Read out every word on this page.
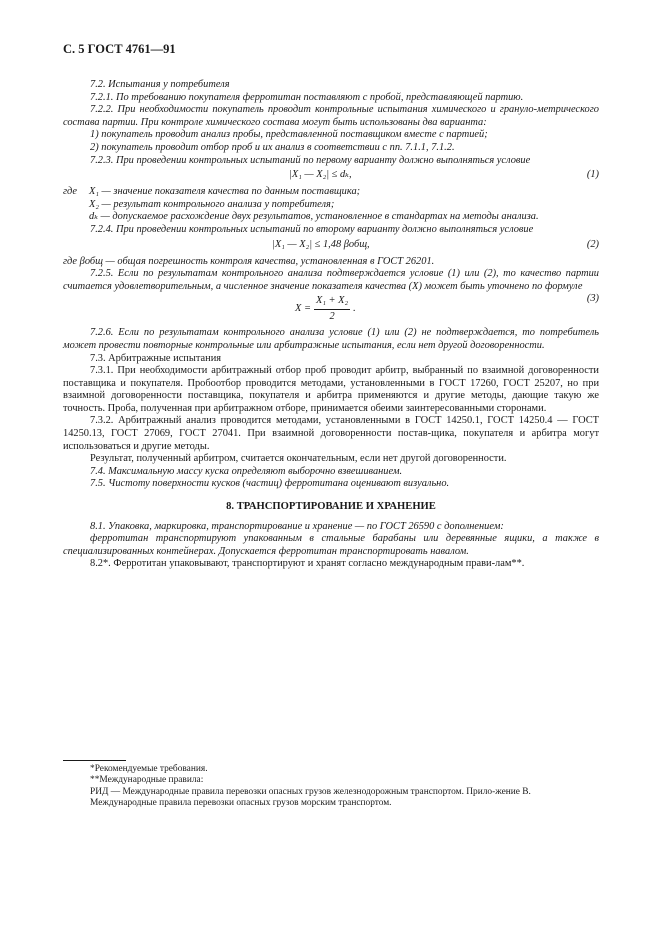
С. 5 ГОСТ 4761—91

7.2. Испытания у потребителя

7.2.1. По требованию покупателя ферротитан поставляют с пробой, представляющей партию.

7.2.2. При необходимости покупатель проводит контрольные испытания химического и грануло-метрического состава партии. При контроле химического состава могут быть использованы два варианта:

1) покупатель проводит анализ пробы, представленной поставщиком вместе с партией;

2) покупатель проводит отбор проб и их анализ в соответствии с пп. 7.1.1, 7.1.2.

7.2.3. При проведении контрольных испытаний по первому варианту должно выполняться условие

|X₁ — X₂| ≤ dₖ,	(1)
где X₁ — значение показателя качества по данным поставщика;
X₂ — результат контрольного анализа у потребителя;
dₖ — допускаемое расхождение двух результатов, установленное в стандартах на методы анализа.

7.2.4. При проведении контрольных испытаний по второму варианту должно выполняться условие

|X₁ — X₂| ≤ 1,48 βобщ,	(2)

где βобщ — общая погрешность контроля качества, установленная в ГОСТ 26201.

7.2.5. Если по результатам контрольного анализа подтверждается условие (1) или (2), то качество партии считается удовлетворительным, а численное значение показателя качества (X) может быть уточнено по формуле

$X = \frac{\text{X₁ + X₂}}{2}$ .
(3)

7.2.6. Если по результатам контрольного анализа условие (1) или (2) не подтверждается, то потребитель может провести повторные контрольные или арбитражные испытания, если нет другой договоренности.

7.3. Арбитражные испытания

7.3.1. При необходимости арбитражный отбор проб проводит арбитр, выбранный по взаимной договоренности поставщика и покупателя. Пробоотбор проводится методами, установленными в ГОСТ 17260, ГОСТ 25207, но при взаимной договоренности поставщика, покупателя и арбитра применяются и другие методы, дающие такую же точность. Проба, полученная при арбитражном отборе, принимается обеими заинтересованными сторонами.

7.3.2. Арбитражный анализ проводится методами, установленными в ГОСТ 14250.1, ГОСТ 14250.4 — ГОСТ 14250.13, ГОСТ 27069, ГОСТ 27041. При взаимной договоренности постав-щика, покупателя и арбитра могут использоваться и другие методы.

Результат, полученный арбитром, считается окончательным, если нет другой договоренности.

7.4. Максимальную массу куска определяют выборочно взвешиванием.

7.5. Чистоту поверхности кусков (частиц) ферротитана оценивают визуально.

8. ТРАНСПОРТИРОВАНИЕ И ХРАНЕНИЕ

8.1. Упаковка, маркировка, транспортирование и хранение — по ГОСТ 26590 с дополнением:

ферротитан транспортируют упакованным в стальные барабаны или деревянные ящики, а также в специализированных контейнерах. Допускается ферротитан транспортировать навалом.

8.2*. Ферротитан упаковывают, транспортируют и хранят согласно международным прави-лам**.

*Рекомендуемые требования.

**Международные правила:

РИД — Международные правила перевозки опасных грузов железнодорожным транспортом. Прило-жение В.

Международные правила перевозки опасных грузов морским транспортом.
